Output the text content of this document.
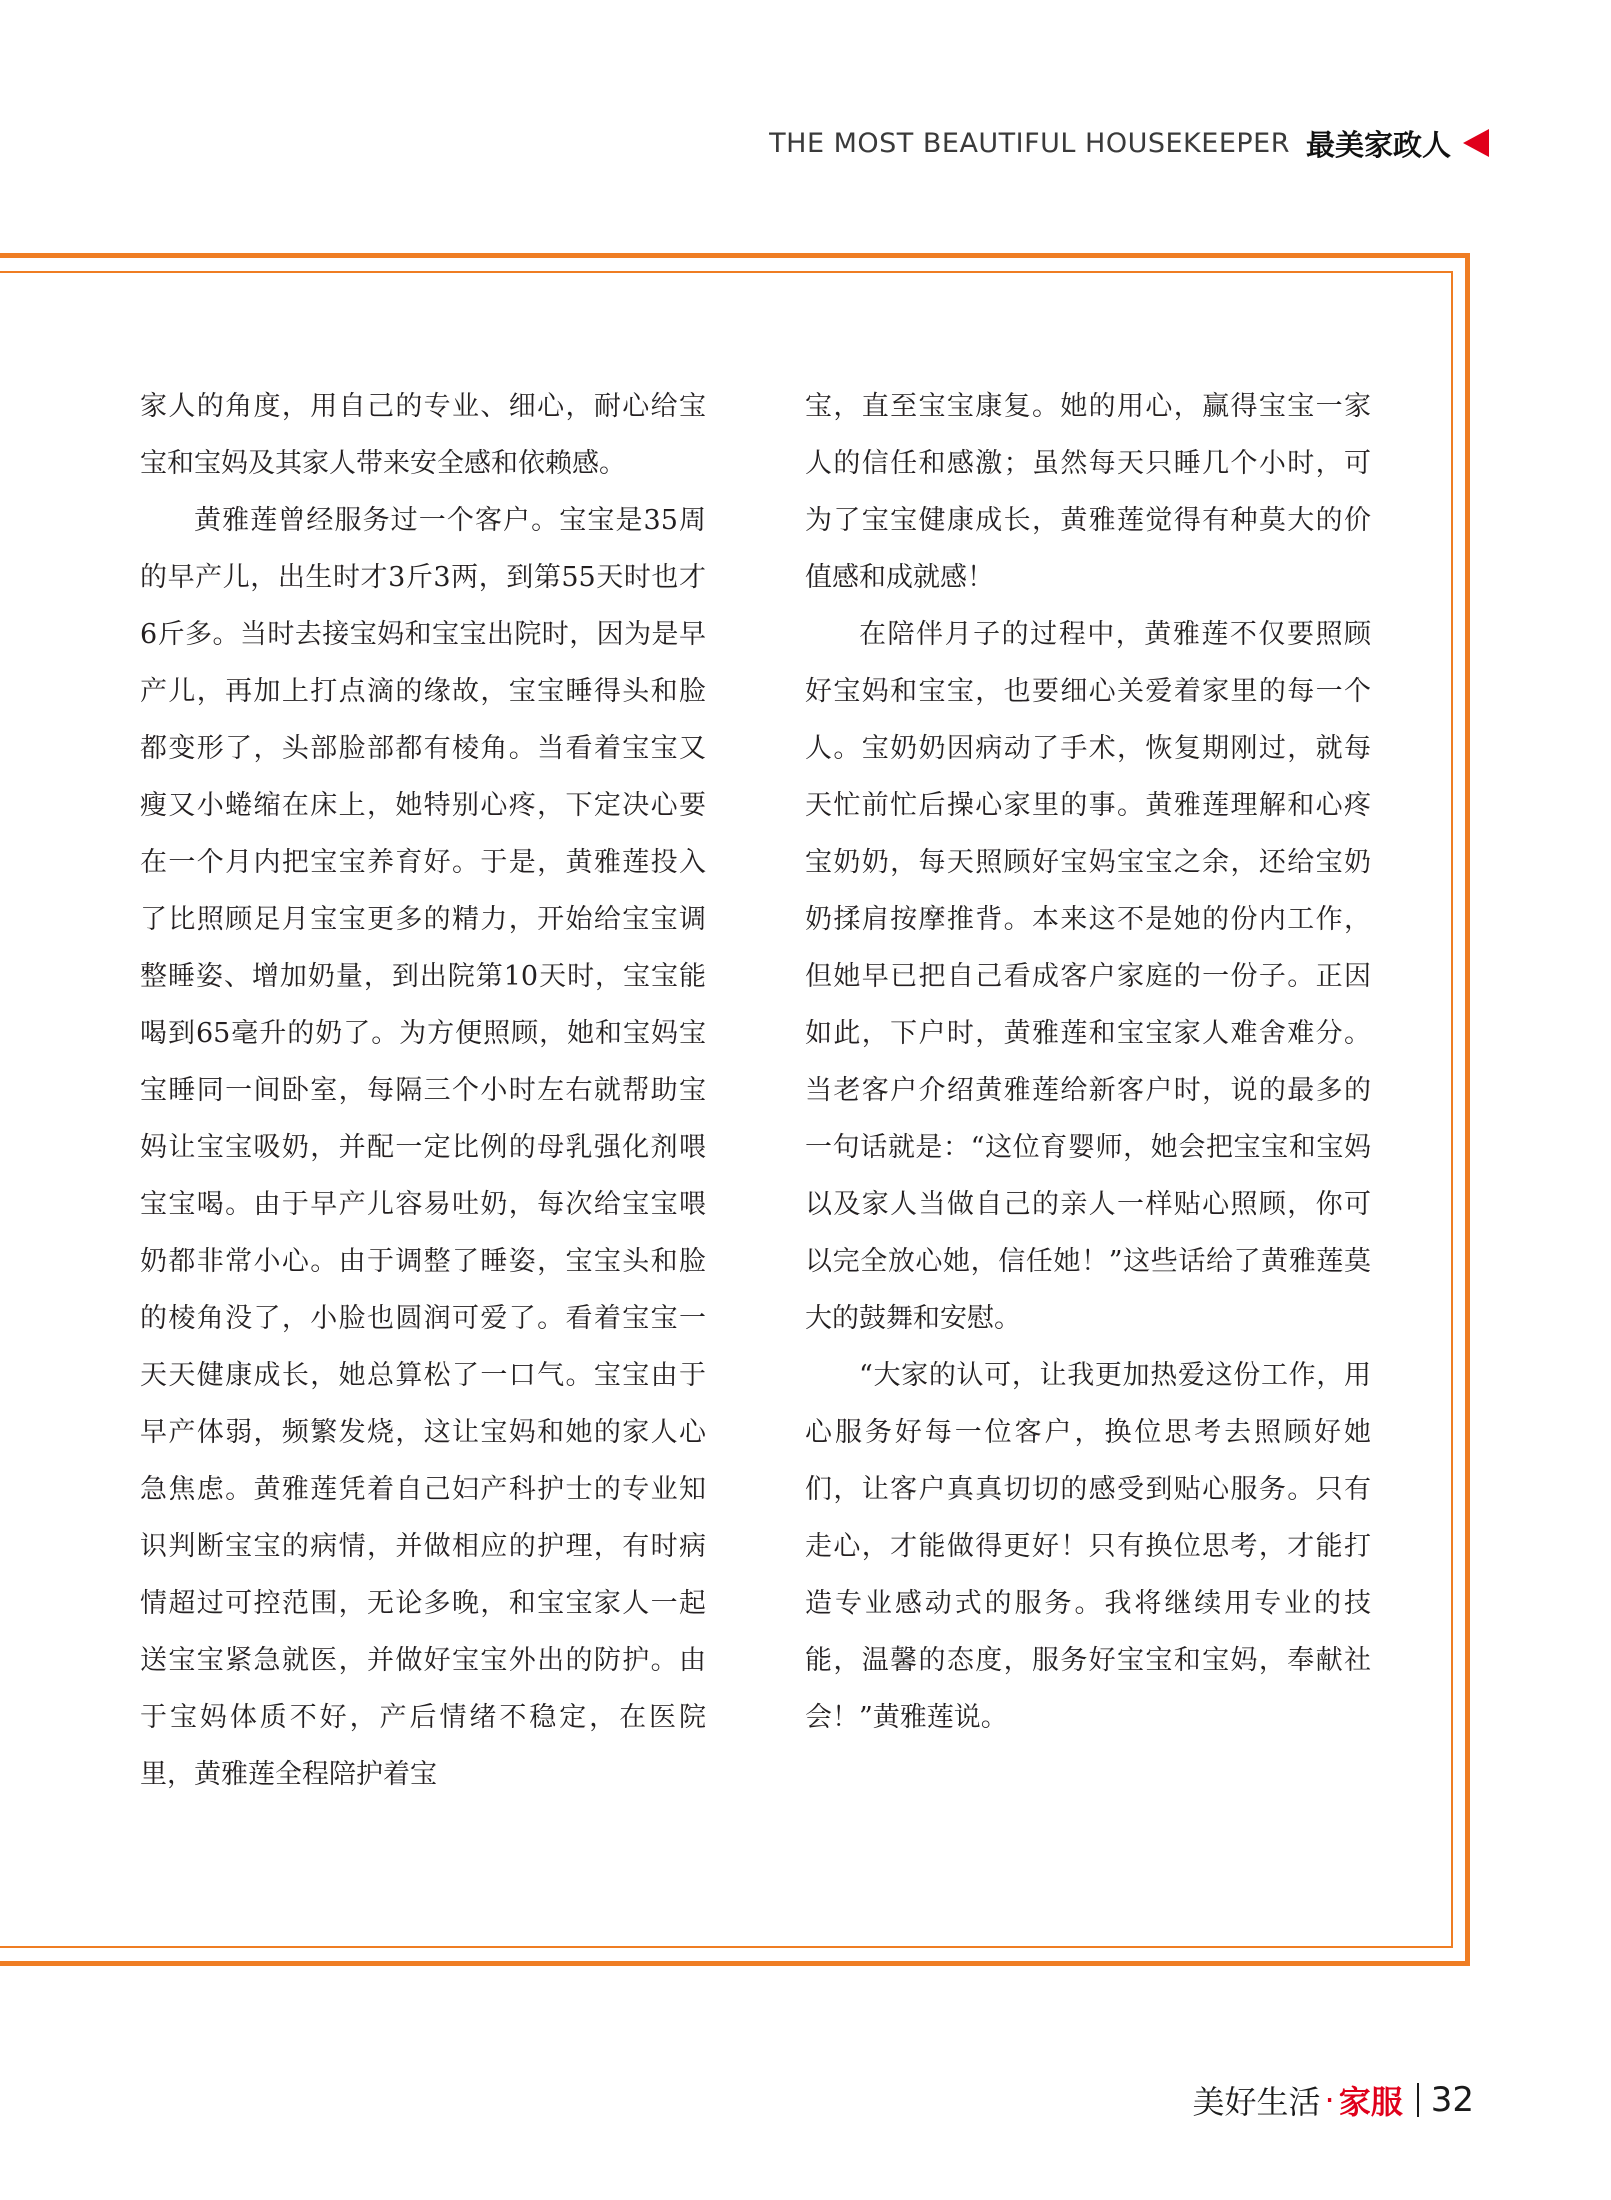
THE MOST BEAUTIFUL HOUSEKEEPER 最美家政人

家人的角度，用自己的专业、细心，耐心给宝宝和宝妈及其家人带来安全感和依赖感。

黄雅莲曾经服务过一个客户。宝宝是35周的早产儿，出生时才3斤3两，到第55天时也才6斤多。当时去接宝妈和宝宝出院时，因为是早产儿，再加上打点滴的缘故，宝宝睡得头和脸都变形了，头部脸部都有棱角。当看着宝宝又瘦又小蜷缩在床上，她特别心疼，下定决心要在一个月内把宝宝养育好。于是，黄雅莲投入了比照顾足月宝宝更多的精力，开始给宝宝调整睡姿、增加奶量，到出院第10天时，宝宝能喝到65毫升的奶了。为方便照顾，她和宝妈宝宝睡同一间卧室，每隔三个小时左右就帮助宝妈让宝宝吸奶，并配一定比例的母乳强化剂喂宝宝喝。由于早产儿容易吐奶，每次给宝宝喂奶都非常小心。由于调整了睡姿，宝宝头和脸的棱角没了，小脸也圆润可爱了。看着宝宝一天天健康成长，她总算松了一口气。宝宝由于早产体弱，频繁发烧，这让宝妈和她的家人心急焦虑。黄雅莲凭着自己妇产科护士的专业知识判断宝宝的病情，并做相应的护理，有时病情超过可控范围，无论多晚，和宝宝家人一起送宝宝紧急就医，并做好宝宝外出的防护。由于宝妈体质不好，产后情绪不稳定，在医院里，黄雅莲全程陪护着宝

宝，直至宝宝康复。她的用心，赢得宝宝一家人的信任和感激；虽然每天只睡几个小时，可为了宝宝健康成长，黄雅莲觉得有种莫大的价值感和成就感！

在陪伴月子的过程中，黄雅莲不仅要照顾好宝妈和宝宝，也要细心关爱着家里的每一个人。宝奶奶因病动了手术，恢复期刚过，就每天忙前忙后操心家里的事。黄雅莲理解和心疼宝奶奶，每天照顾好宝妈宝宝之余，还给宝奶奶揉肩按摩推背。本来这不是她的份内工作，但她早已把自己看成客户家庭的一份子。正因如此，下户时，黄雅莲和宝宝家人难舍难分。当老客户介绍黄雅莲给新客户时，说的最多的一句话就是：“这位育婴师，她会把宝宝和宝妈以及家人当做自己的亲人一样贴心照顾，你可以完全放心她，信任她！”这些话给了黄雅莲莫大的鼓舞和安慰。

“大家的认可，让我更加热爱这份工作，用心服务好每一位客户，换位思考去照顾好她们，让客户真真切切的感受到贴心服务。只有走心，才能做得更好！只有换位思考，才能打造专业感动式的服务。我将继续用专业的技能，温馨的态度，服务好宝宝和宝妈，奉献社会！”黄雅莲说。

美好生活 · 家服 32
